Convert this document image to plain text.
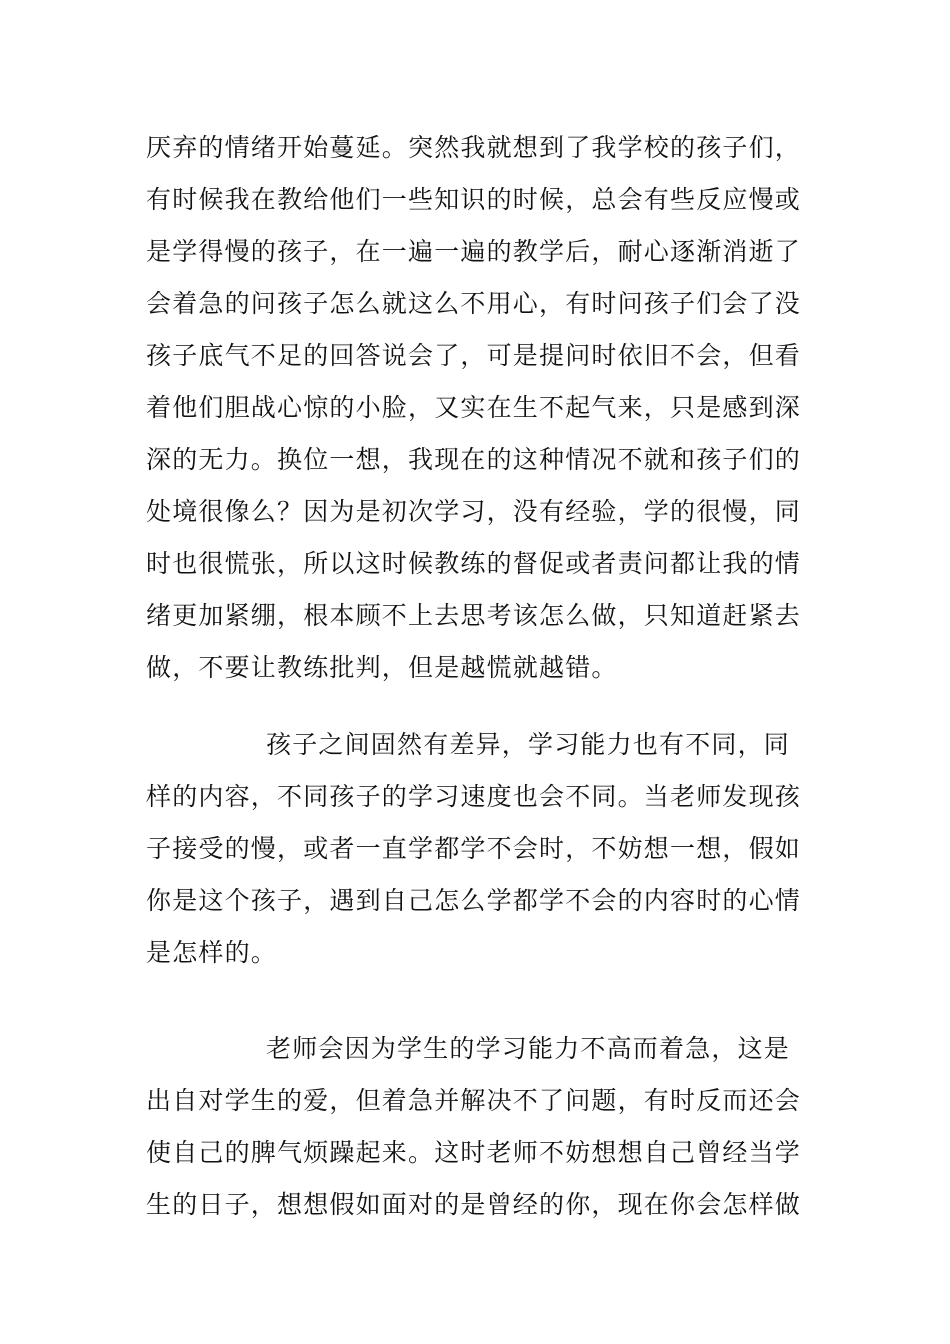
厌弃的情绪开始蔓延。突然我就想到了我学校的孩子们，
有时候我在教给他们一些知识的时候，总会有些反应慢或
是学得慢的孩子，在一遍一遍的教学后，耐心逐渐消逝了
会着急的问孩子怎么就这么不用心，有时问孩子们会了没
孩子底气不足的回答说会了，可是提问时依旧不会，但看
着他们胆战心惊的小脸，又实在生不起气来，只是感到深
深的无力。换位一想，我现在的这种情况不就和孩子们的
处境很像么？因为是初次学习，没有经验，学的很慢，同
时也很慌张，所以这时候教练的督促或者责问都让我的情
绪更加紧绷，根本顾不上去思考该怎么做，只知道赶紧去
做，不要让教练批判，但是越慌就越错。
孩子之间固然有差异，学习能力也有不同，同
样的内容，不同孩子的学习速度也会不同。当老师发现孩
子接受的慢，或者一直学都学不会时，不妨想一想，假如
你是这个孩子，遇到自己怎么学都学不会的内容时的心情
是怎样的。
老师会因为学生的学习能力不高而着急，这是
出自对学生的爱，但着急并解决不了问题，有时反而还会
使自己的脾气烦躁起来。这时老师不妨想想自己曾经当学
生的日子，想想假如面对的是曾经的你，现在你会怎样做
